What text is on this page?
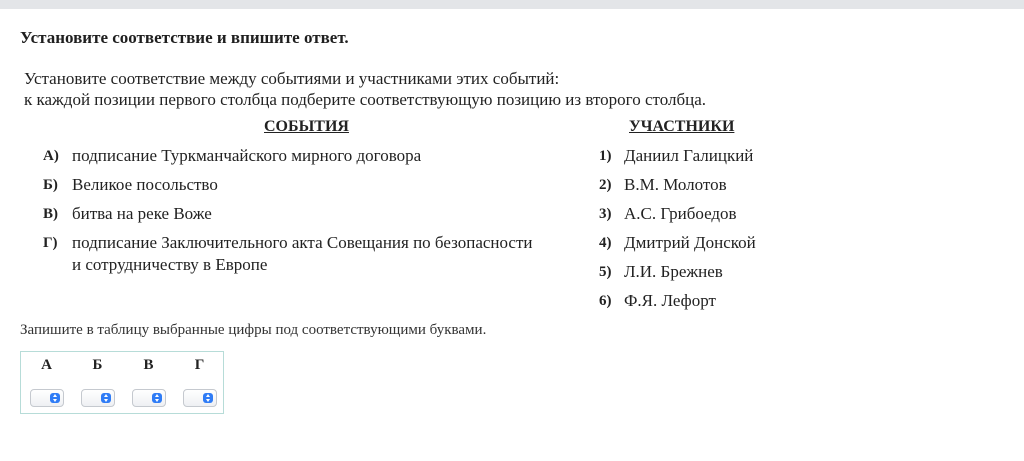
Установите соответствие и впишите ответ.
Установите соответствие между событиями и участниками этих событий:
к каждой позиции первого столбца подберите соответствующую позицию из второго столбца.
СОБЫТИЯ	УЧАСТНИКИ
А) подписание Туркманчайского мирного договора
Б) Великое посольство
В) битва на реке Воже
Г) подписание Заключительного акта Совещания по безопасности
и сотрудничеству в Европе
1) Даниил Галицкий
2) В.М. Молотов
3) А.С. Грибоедов
4) Дмитрий Донской
5) Л.И. Брежнев
6) Ф.Я. Лефорт
Запишите в таблицу выбранные цифры под соответствующими буквами.
А	Б	В	Г
